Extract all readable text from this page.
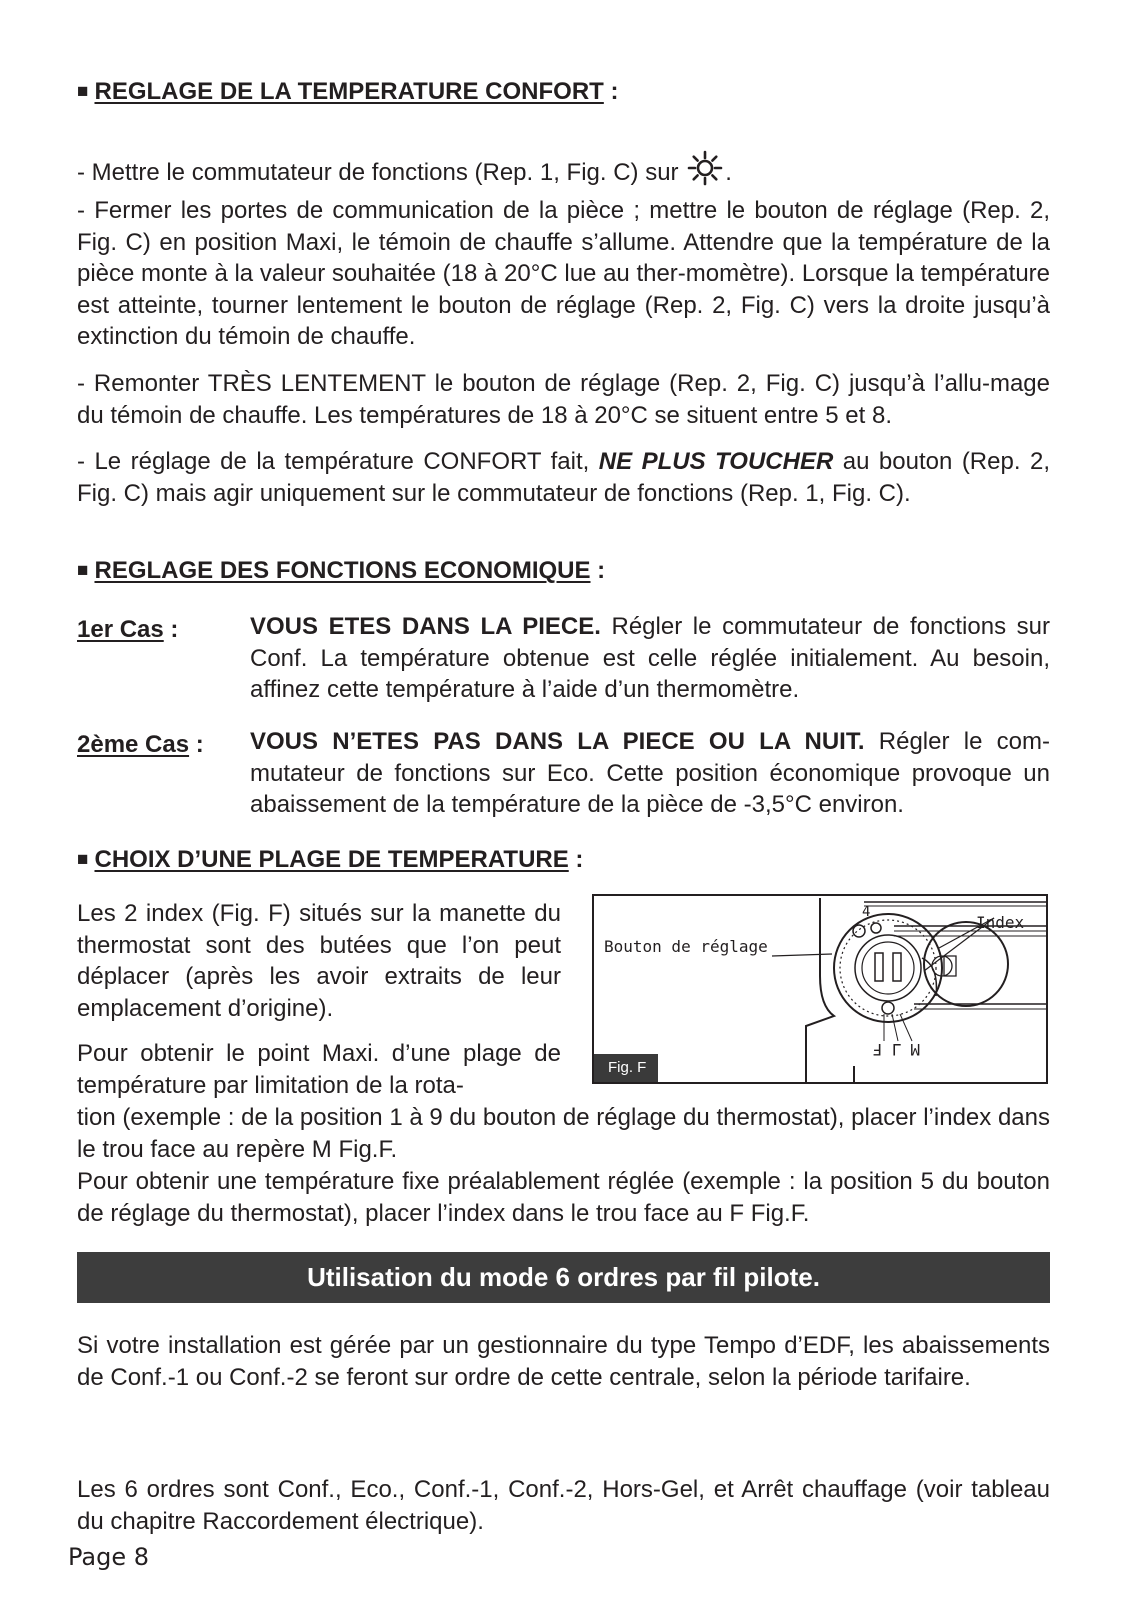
■ REGLAGE DE LA TEMPERATURE CONFORT :
- Mettre le commutateur de fonctions (Rep. 1, Fig. C) sur .
- Fermer les portes de communication de la pièce ; mettre le bouton de réglage (Rep. 2, Fig. C) en position Maxi, le témoin de chauffe s’allume. Attendre que la température de la pièce monte à la valeur souhaitée (18 à 20°C lue au ther-momètre). Lorsque la température est atteinte, tourner lentement le bouton de réglage (Rep. 2, Fig. C) vers la droite jusqu’à extinction du témoin de chauffe.
- Remonter TRÈS LENTEMENT le bouton de réglage (Rep. 2, Fig. C) jusqu’à l’allu-mage du témoin de chauffe. Les températures de 18 à 20°C se situent entre 5 et 8.
- Le réglage de la température CONFORT fait, NE PLUS TOUCHER au bouton (Rep. 2, Fig. C) mais agir uniquement sur le commutateur de fonctions (Rep. 1, Fig. C).
■ REGLAGE DES FONCTIONS ECONOMIQUE :
1er Cas :	VOUS ETES DANS LA PIECE. Régler le commutateur de fonctions sur Conf. La température obtenue est celle réglée initialement. Au besoin, affinez cette température à l’aide d’un thermomètre.
2ème Cas : VOUS N’ETES PAS DANS LA PIECE OU LA NUIT. Régler le com-mutateur de fonctions sur Eco. Cette position économique provoque un abaissement de la température de la pièce de -3,5°C environ.
■ CHOIX D’UNE PLAGE DE TEMPERATURE :
Les 2 index (Fig. F) situés sur la manette du thermostat sont des butées que l’on peut déplacer (après les avoir extraits de leur emplacement d’origine).
Pour obtenir le point Maxi. d’une plage de température par limitation de la rota-
tion (exemple : de la position 1 à 9 du bouton de réglage du thermostat), placer l’index dans le trou face au repère M Fig.F.
Pour obtenir une température fixe préalablement réglée (exemple : la position 5 du bouton de réglage du thermostat), placer l’index dans le trou face au F Fig.F.
4
Bouton de réglage
Index
M ⅃ F
Fig. F
Utilisation du mode 6 ordres par fil pilote.
Si votre installation est gérée par un gestionnaire du type Tempo d’EDF, les abaissements de Conf.-1 ou Conf.-2 se feront sur ordre de cette centrale, selon la période tarifaire.
Les 6 ordres sont Conf., Eco., Conf.-1, Conf.-2, Hors-Gel, et Arrêt chauffage (voir tableau du chapitre Raccordement électrique).
Page 8
